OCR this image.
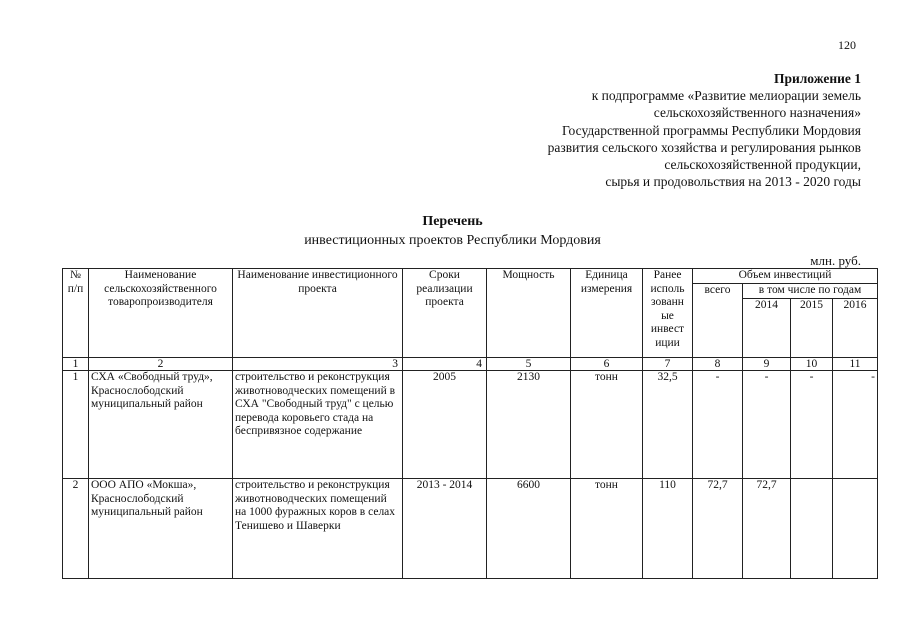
120
Приложение 1
к подпрограмме «Развитие мелиорации земель
сельскохозяйственного назначения»
Государственной программы Республики Мордовия
развития сельского хозяйства и регулирования рынков
сельскохозяйственной продукции,
сырья и продовольствия на 2013 - 2020 годы
Перечень
инвестиционных проектов Республики Мордовия
млн. руб.
№ п/п	Наименование сельскохозяйственного товаропроизводителя	Наименование инвестиционного проекта	Сроки реализации проекта	Мощность	Единица измерения	Ранее исполь зованн ые инвест иции	Объем инвестиций			
							всего	в том числе по годам		
								2014	2015	2016
1	2	3	4	5	6	7	8	9	10	11
1	СХА «Свободный труд», Краснослободский муниципальный район	строительство и реконструкция животноводческих помещений в СХА "Свободный труд" с целью перевода коровьего стада на беспривязное содержание	2005	2130	тонн	32,5	-	-	-	-
2	ООО АПО «Мокша», Краснослободский муниципальный район	строительство и реконструкция животноводческих помещений на 1000 фуражных коров в селах Тенишево и Шаверки	2013 - 2014	6600	тонн	110	72,7	72,7		
